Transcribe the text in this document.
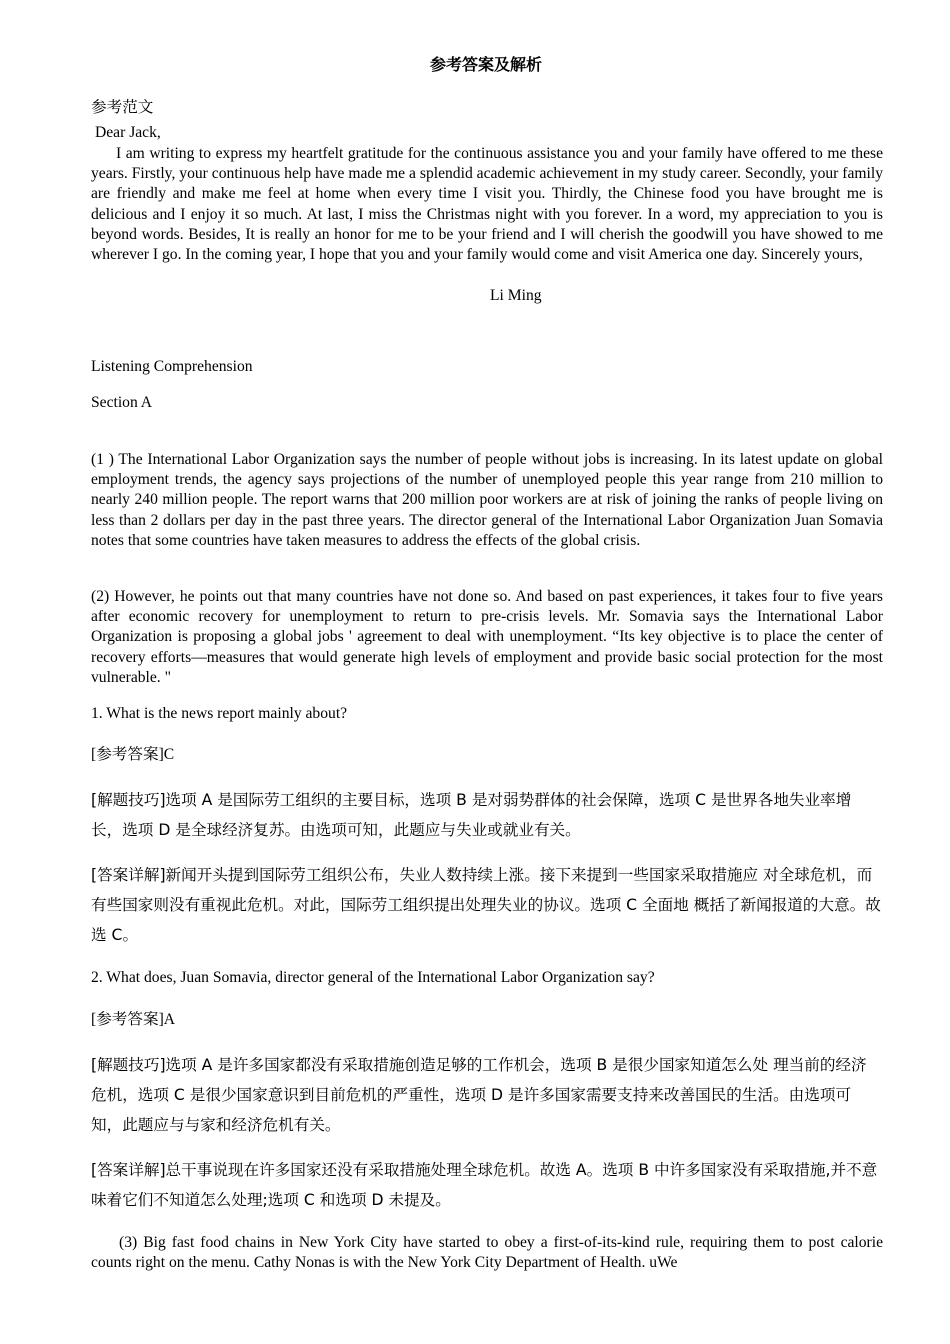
参考答案及解析
参考范文
Dear Jack,

I am writing to express my heartfelt gratitude for the continuous assistance you and your family have offered to me these years. Firstly, your continuous help have made me a splendid academic achievement in my study career. Secondly, your family are friendly and make me feel at home when every time I visit you. Thirdly, the Chinese food you have brought me is delicious and I enjoy it so much. At last, I miss the Christmas night with you forever. In a word, my appreciation to you is beyond words. Besides, It is really an honor for me to be your friend and I will cherish the goodwill you have showed to me wherever I go. In the coming year, I hope that you and your family would come and visit America one day. Sincerely yours,

Li Ming
Listening Comprehension
Section A

(1 ) The International Labor Organization says the number of people without jobs is increasing. In its latest update on global employment trends, the agency says projections of the number of unemployed people this year range from 210 million to nearly 240 million people. The report warns that 200 million poor workers are at risk of joining the ranks of people living on less than 2 dollars per day in the past three years. The director general of the International Labor Organization Juan Somavia notes that some countries have taken measures to address the effects of the global crisis.

(2) However, he points out that many countries have not done so. And based on past experiences, it takes four to five years after economic recovery for unemployment to return to pre-crisis levels. Mr. Somavia says the International Labor Organization is proposing a global jobs ' agreement to deal with unemployment. “Its key objective is to place the center of recovery efforts—measures that would generate high levels of employment and provide basic social protection for the most vulnerable. "

1. What is the news report mainly about?
[参考答案]C

[解题技巧]选项 A 是国际劳工组织的主要目标，选项 B 是对弱势群体的社会保障，选项 C 是世界各地失业率增长，选项 D 是全球经济复苏。由选项可知，此题应与失业或就业有关。

[答案详解]新闻开头提到国际劳工组织公布，失业人数持续上涨。接下来提到一些国家采取措施应 对全球危机，而有些国家则没有重视此危机。对此，国际劳工组织提出处理失业的协议。选项 C 全面地 概括了新闻报道的大意。故选 C。

2. What does, Juan Somavia, director general of the International Labor Organization say?
[参考答案]A

[解题技巧]选项 A 是许多国家都没有采取措施创造足够的工作机会，选项 B 是很少国家知道怎么处 理当前的经济危机，选项 C 是很少国家意识到目前危机的严重性，选项 D 是许多国家需要支持来改善国民的生活。由选项可知，此题应与与家和经济危机有关。

[答案详解]总干事说现在许多国家还没有采取措施处理全球危机。故选 A。选项 B 中许多国家没有采取措施,并不意味着它们不知道怎么处理;选项 C 和选项 D 未提及。

(3) Big fast food chains in New York City have started to obey a first-of-its-kind rule, requiring them to post calorie counts right on the menu. Cathy Nonas is with the New York City Department of Health. uWe
